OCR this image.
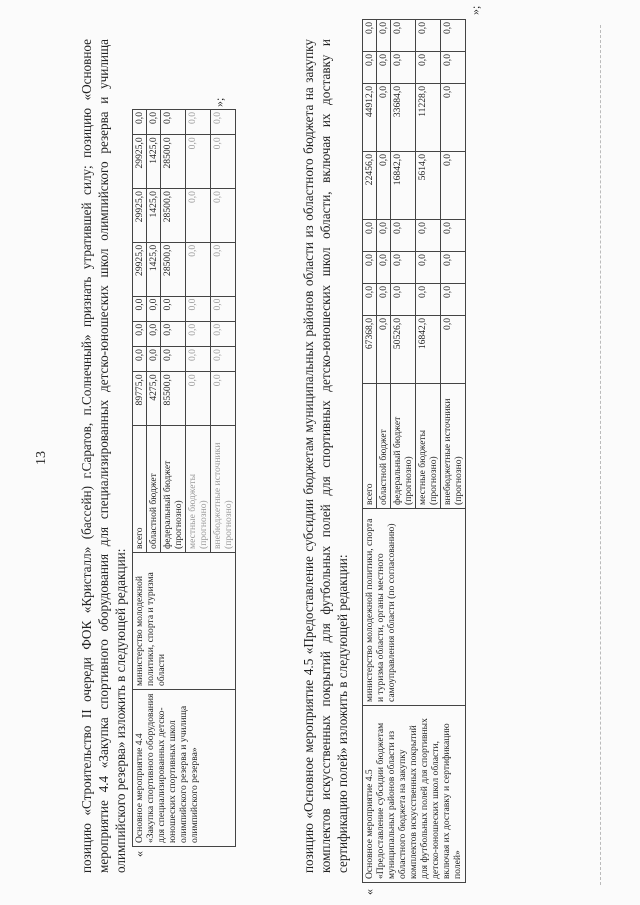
13 позицию «Строительство II очереди ФОК «Кристалл» (бассейн) г.Саратов, п.Солнечный» признать утратившей силу; позицию «Основное мероприятие 4.4 «Закупка спортивного оборудования для специализированных детско-юношеских школ олимпийского резерва и училища олимпийского резерва» изложить в следующей редакции: «
Основное мероприятие 4.4
«Закупка спортивного оборудования для специализированных детско-юношеских спортивных школ олимпийского резерва и училища олимпийского резерва»	министерство молодежной политики, спорта и туризма области	всего	89775,0	0,0	0,0	0,0	29925,0	29925,0	29925,0	0,0
		областной бюджет	4275,0	0,0	0,0	0,0	1425,0	1425,0	1425,0	0,0
		федеральный бюджет (прогнозно)	85500,0	0,0	0,0	0,0	28500,0	28500,0	28500,0	0,0
		местные бюджеты (прогнозно)	0,0	0,0	0,0	0,0	0,0	0,0	0,0	0,0
		внебюджетные источники (прогнозно)	0,0	0,0	0,0	0,0	0,0	0,0	0,0	0,0
»;	позицию «Основное мероприятие 4.5 «Предоставление субсидии бюджетам муниципальных районов области из областного бюджета на закупку комплектов искусственных покрытий для футбольных полей для спортивных детско-юношеских школ области, включая их доставку и сертификацию полей» изложить в следующей редакции:
«
Основное мероприятие 4.5
«Предоставление субсидии бюджетам муниципальных районов области из областного бюджета на закупку комплектов искусственных покрытий для футбольных полей для спортивных детско-юношеских школ области, включая их доставку и сертификацию полей»	министерство молодежной политики, спорта и туризма области, органы местного самоуправления области (по согласованию)	всего	67368,0	0,0	0,0	0,0	22456,0	44912,0	0,0	0,0
		областной бюджет	0,0	0,0	0,0	0,0	0,0	0,0	0,0	0,0
		федеральный бюджет (прогнозно)	50526,0	0,0	0,0	0,0	16842,0	33684,0	0,0	0,0
		местные бюджеты (прогнозно)	16842,0	0,0	0,0	0,0	5614,0	11228,0	0,0	0,0
		внебюджетные источники (прогнозно)	0,0	0,0	0,0	0,0	0,0	0,0	0,0	0,0
»;
